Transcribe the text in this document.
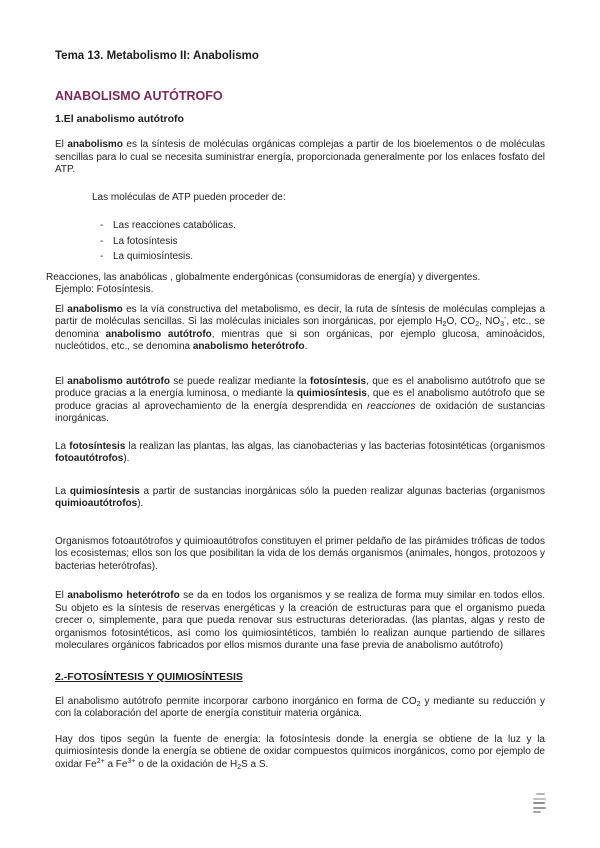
Tema 13. Metabolismo II: Anabolismo
ANABOLISMO AUTÓTROFO
1.El anabolismo autótrofo

El anabolismo es la síntesis de moléculas orgánicas complejas a partir de los bioelementos o de moléculas sencillas para lo cual se necesita suministrar energía, proporcionada generalmente por los enlaces fosfato del ATP.

Las moléculas de ATP pueden proceder de:

- Las reacciones catabólicas.
- La fotosíntesis
- La quimiosíntesis.

Reacciones, las anabólicas , globalmente endergónicas (consumidoras de energía) y divergentes.
Ejemplo: Fotosíntesis.

El anabolismo es la vía constructiva del metabolismo, es decir, la ruta de síntesis de moléculas complejas a partir de moléculas sencillas. Si las moléculas iniciales son inorgánicas, por ejemplo $H_2O$, $CO_2$, $NO_3^-$, etc., se denomina anabolismo autótrofo, mientras que si son orgánicas, por ejemplo glucosa, aminoácidos, nucleótidos, etc., se denomina anabolismo heterótrofo.

El anabolismo autótrofo se puede realizar mediante la fotosíntesis, que es el anabolismo autótrofo que se produce gracias a la energía luminosa, o mediante la quimiosíntesis, que es el anabolismo autótrofo que se produce gracias al aprovechamiento de la energía desprendida en reacciones de oxidación de sustancias inorgánicas.

La fotosíntesis la realizan las plantas, las algas, las cianobacterias y las bacterias fotosintéticas (organismos fotoautótrofos).

La quimiosíntesis a partir de sustancias inorgánicas sólo la pueden realizar algunas bacterias (organismos quimioautótrofos).

Organismos fotoautótrofos y quimioautótrofos constituyen el primer peldaño de las pirámides tróficas de todos los ecosistemas; ellos son los que posibilitan la vida de los demás organismos (animales, hongos, protozoos y bacterias heterótrofas).

El anabolismo heterótrofo se da en todos los organismos y se realiza de forma muy similar en todos ellos. Su objeto es la síntesis de reservas energéticas y la creación de estructuras para que el organismo pueda crecer o, simplemente, para que pueda renovar sus estructuras deterioradas. (las plantas, algas y resto de organismos fotosintéticos, así como los quimiosintéticos, también lo realizan aunque partiendo de sillares moleculares orgánicos fabricados por ellos mismos durante una fase previa de anabolismo autótrofo)

2.-FOTOSÍNTESIS Y QUIMIOSÍNTESIS

El anabolismo autótrofo permite incorporar carbono inorgánico en forma de $CO_2$ y mediante su reducción y con la colaboración del aporte de energía constituir materia orgánica.

Hay dos tipos según la fuente de energía: la fotosíntesis donde la energía se obtiene de la luz y la quimiosíntesis donde la energía se obtiene de oxidar compuestos químicos inorgánicos, como por ejemplo de oxidar $Fe^{2+}$ a $Fe^{3+}$ o de la oxidación de $H_2S$ a S.
